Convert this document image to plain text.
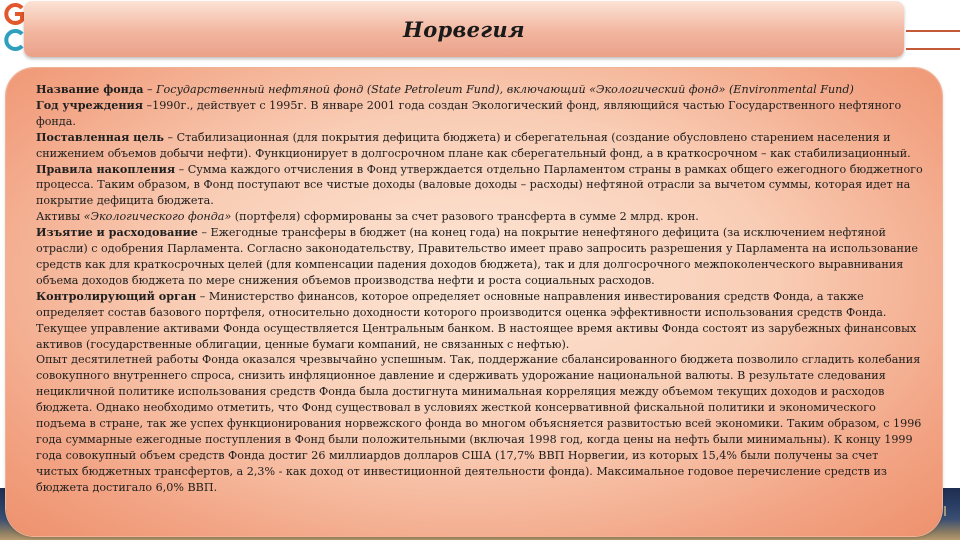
Норвегия

Название фонда – Государственный нефтяной фонд (State Petroleum Fund), включающий «Экологический фонд» (Environmental Fund)

Год учреждения –1990г., действует с 1995г. В январе 2001 года создан Экологический фонд, являющийся частью Государственного нефтяного фонда.

Поставленная цель – Стабилизационная (для покрытия дефицита бюджета) и сберегательная (создание обусловлено старением населения и снижением объемов добычи нефти). Функционирует в долгосрочном плане как сберегательный фонд, а в краткосрочном – как стабилизационный.

Правила накопления – Сумма каждого отчисления в Фонд утверждается отдельно Парламентом страны в рамках общего ежегодного бюджетного процесса. Таким образом, в Фонд поступают все чистые доходы (валовые доходы – расходы) нефтяной отрасли за вычетом суммы, которая идет на покрытие дефицита бюджета.

Активы «Экологического фонда» (портфеля) сформированы за счет разового трансферта в сумме 2 млрд. крон.

Изъятие и расходование – Ежегодные трансферы в бюджет (на конец года) на покрытие ненефтяного дефицита (за исключением нефтяной отрасли) с одобрения Парламента. Согласно законодательству, Правительство имеет право запросить разрешения у Парламента на использование средств как для краткосрочных целей (для компенсации падения доходов бюджета), так и для долгосрочного межпоколенческого выравнивания объема доходов бюджета по мере снижения объемов производства нефти и роста социальных расходов.

Контролирующий орган – Министерство финансов, которое определяет основные направления инвестирования средств Фонда, а также определяет состав базового портфеля, относительно доходности которого производится оценка эффективности использования средств Фонда. Текущее управление активами Фонда осуществляется Центральным банком. В настоящее время активы Фонда состоят из зарубежных финансовых активов (государственные облигации, ценные бумаги компаний, не связанных с нефтью).

Опыт десятилетней работы Фонда оказался чрезвычайно успешным. Так, поддержание сбалансированного бюджета позволило сгладить колебания совокупного внутреннего спроса, снизить инфляционное давление и сдерживать удорожание национальной валюты. В результате следования нецикличной политике использования средств Фонда была достигнута минимальная корреляция между объемом текущих доходов и расходов бюджета. Однако необходимо отметить, что Фонд существовал в условиях жесткой консервативной фискальной политики и экономического подъема в стране, так же успех функционирования норвежского фонда во многом объясняется развитостью всей экономики. Таким образом, с 1996 года суммарные ежегодные поступления в Фонд были положительными (включая 1998 год, когда цены на нефть были минимальны). К концу 1999 года совокупный объем средств Фонда достиг 26 миллиардов долларов США (17,7% ВВП Норвегии, из которых 15,4% были получены за счет чистых бюджетных трансфертов, а 2,3% - как доход от инвестиционной деятельности фонда). Максимальное годовое перечисление средств из бюджета достигало 6,0% ВВП.
